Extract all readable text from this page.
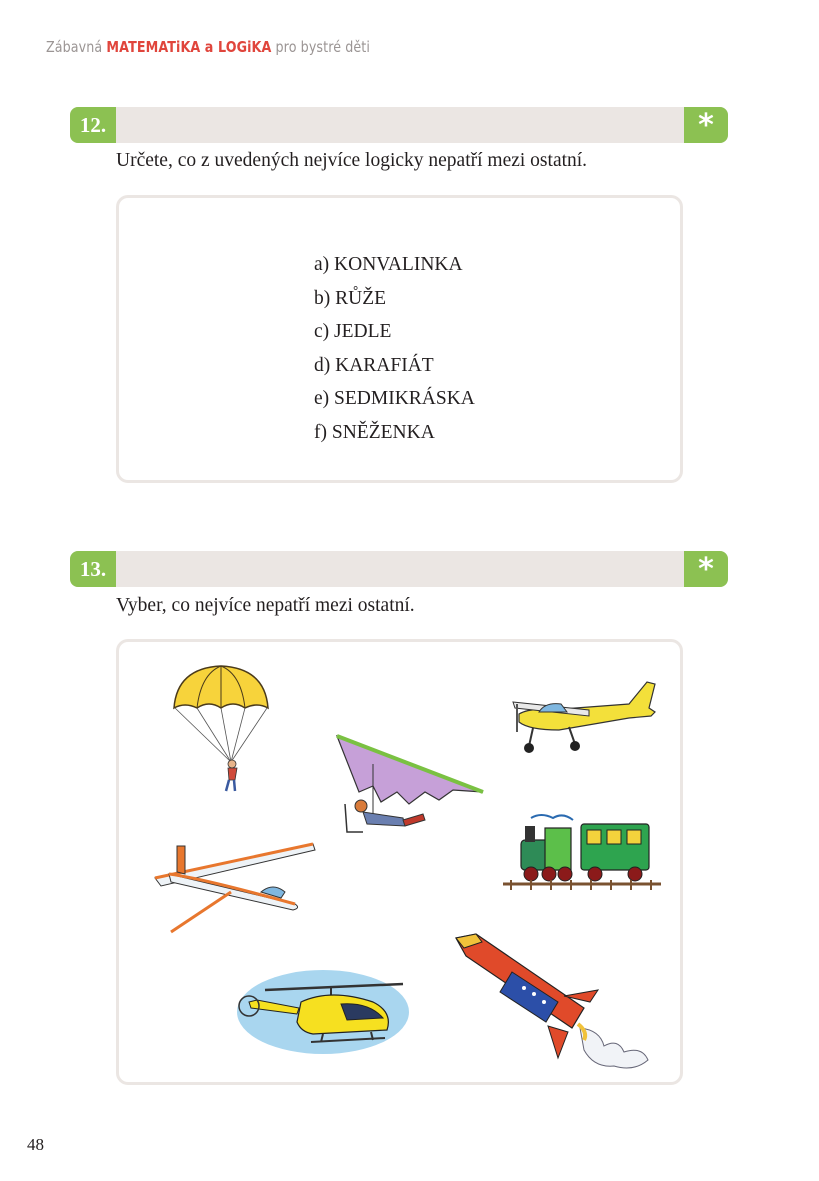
Zábavná MATEMATiKA a LOGiKA pro bystré děti
12.	*
Určete, co z uvedených nejvíce logicky nepatří mezi ostatní.
a) KONVALINKA
b) RŮŽE
c) JEDLE
d) KARAFIÁT
e) SEDMIKRÁSKA
f) SNĚŽENKA
13.	*
Vyber, co nejvíce nepatří mezi ostatní.
48
